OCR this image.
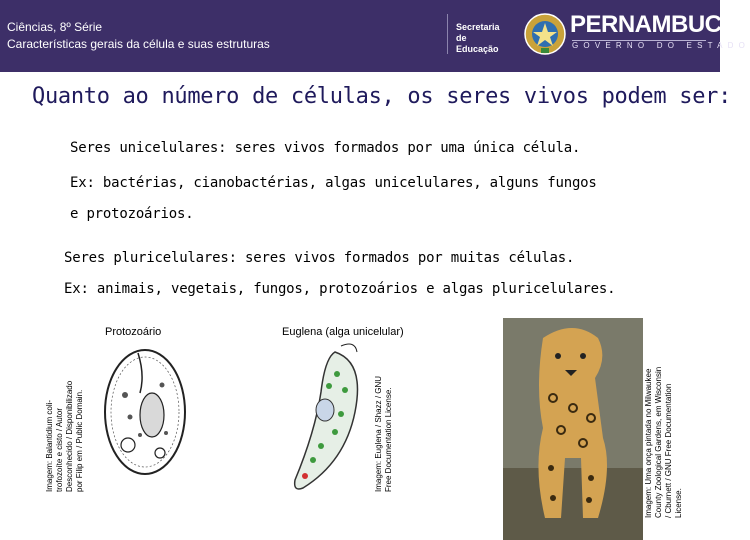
Ciências, 8º Série
Características gerais da célula e suas estruturas
Secretaria
de
Educação
PERNAMBUCO
GOVERNO DO ESTADO
Quanto ao número de células, os seres vivos podem ser:
Seres unicelulares: seres vivos formados por uma única célula.
Ex: bactérias, cianobactérias, algas unicelulares, alguns fungos
e protozoários.
Seres pluricelulares: seres vivos formados por muitas células.
Ex: animais, vegetais, fungos, protozoários e algas pluricelulares.
Protozoário	Euglena (alga unicelular)
Imagem: Balantidium coli- trofozoíte e cisto / Autor Desconhecido / Disponibilizado por Filip em / Public Domain.	Imagem: Euglena / Shazz / GNU Free Documentation License.	Imagem: Uma onça pintada no Milwaukee County Zoological Gardens, em Wisconsin / Cburnett / GNU Free Documentation License.
